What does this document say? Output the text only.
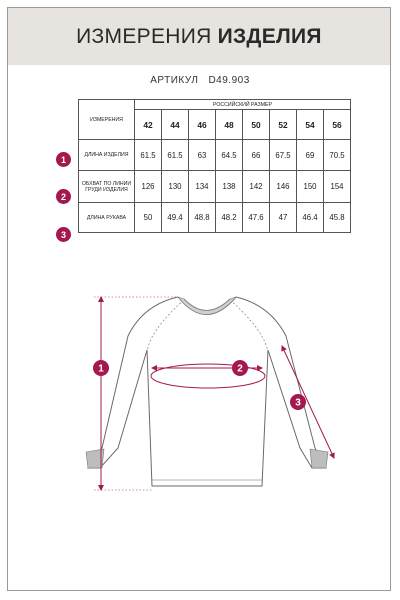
ИЗМЕРЕНИЯ ИЗДЕЛИЯ
АРТИКУЛ D49.903
ИЗМЕРЕНИЯ	РОССИЙСКИЙ РАЗМЕР							
	42	44	46	48	50	52	54	56
ДЛИНА ИЗДЕЛИЯ	61.5	61.5	63	64.5	66	67.5	69	70.5
ОБХВАТ ПО ЛИНИИ ГРУДИ ИЗДЕЛИЯ	126	130	134	138	142	146	150	154
ДЛИНА РУКАВА	50	49.4	48.8	48.2	47.6	47	46.4	45.8
1
2
3
1	2
3
